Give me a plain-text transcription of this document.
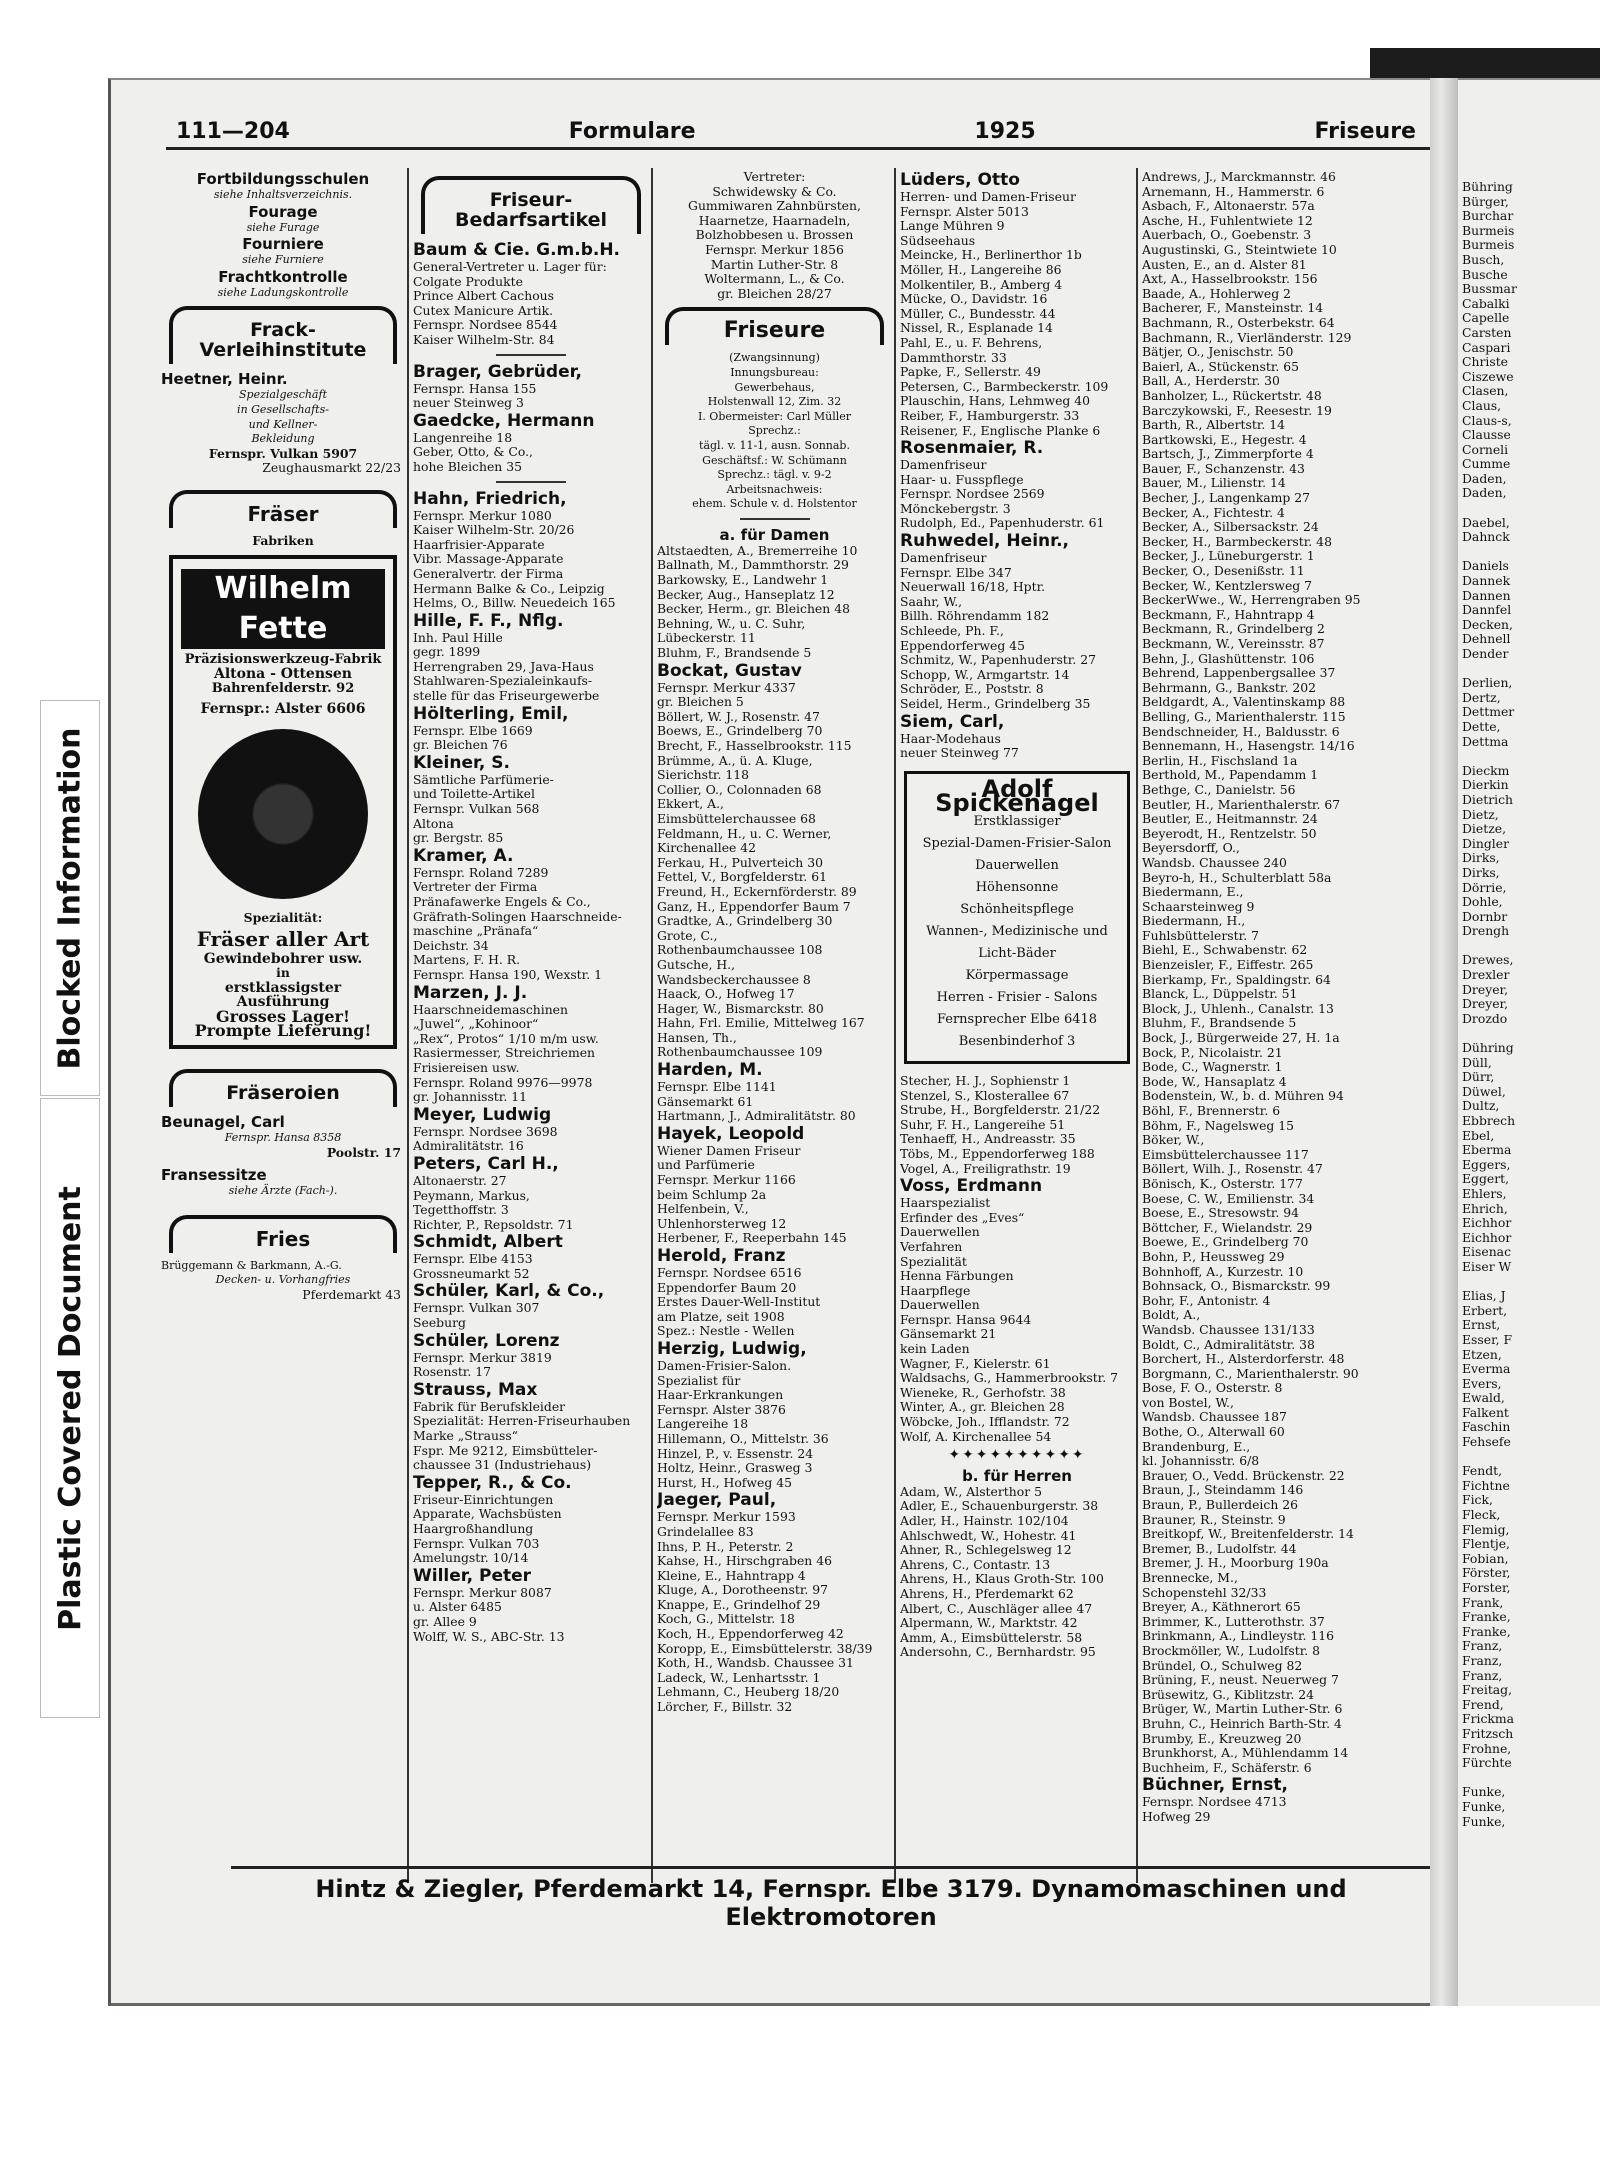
Plastic Covered Document
Blocked Information
111—204	Formulare	1925	Friseure
Fortbildungsschulen
siehe Inhaltsverzeichnis.
Fourage
siehe Furage
Fourniere
siehe Furniere
Frachtkontrolle
siehe Ladungskontrolle
Frack-Verleihinstitute
Heetner, Heinr.
Spezialgeschäft
in Gesellschafts-
und Kellner-
Bekleidung
Fernspr. Vulkan 5907
Zeughausmarkt 22/23
Fräser
Fabriken
Wilhelm Fette
Präzisionswerkzeug-Fabrik
Altona - Ottensen
Bahrenfelderstr. 92
Fernspr.: Alster 6606
Spezialität:
Fräser aller Art
Gewindebohrer usw.
in
erstklassigster
Ausführung
Grosses Lager!
Prompte Lieferung!
Fräseroien
Beunagel, Carl
Fernspr. Hansa 8358
Poolstr. 17
Fransessitze
siehe Ärzte (Fach-).
Fries
Brüggemann & Barkmann, A.-G.
Decken- u. Vorhangfries
Pferdemarkt 43
Friseur-Bedarfsartikel
Baum & Cie. G.m.b.H.
General-Vertreter u. Lager für:
Colgate Produkte
Prince Albert Cachous
Cutex Manicure Artik.
Fernspr. Nordsee 8544
Kaiser Wilhelm-Str. 84
Brager, Gebrüder,
Fernspr. Hansa 155
neuer Steinweg 3
Gaedcke, Hermann
Langenreihe 18
Geber, Otto, & Co.,
hohe Bleichen 35
Hahn, Friedrich,
Fernspr. Merkur 1080
Kaiser Wilhelm-Str. 20/26
Haarfrisier-Apparate
Vibr. Massage-Apparate
Generalvertr. der Firma
Hermann Balke & Co., Leipzig
Helms, O., Billw. Neuedeich 165
Hille, F. F., Nflg.
Inh. Paul Hille
gegr. 1899
Herrengraben 29, Java-Haus
Stahlwaren-Spezialeinkaufs-
stelle für das Friseurgewerbe
Hölterling, Emil,
Fernspr. Elbe 1669
gr. Bleichen 76
Kleiner, S.
Sämtliche Parfümerie-
und Toilette-Artikel
Fernspr. Vulkan 568
Altona
gr. Bergstr. 85
Kramer, A.
Fernspr. Roland 7289
Vertreter der Firma
Pränafawerke Engels & Co.,
Gräfrath-Solingen Haarschneide-
maschine „Pränafa“
Deichstr. 34
Martens, F. H. R.
Fernspr. Hansa 190, Wexstr. 1
Marzen, J. J.
Haarschneidemaschinen
„Juwel“, „Kohinoor“
„Rex“, Protos“ 1/10 m/m usw.
Rasiermesser, Streichriemen
Frisiereisen usw.
Fernspr. Roland 9976—9978
gr. Johannisstr. 11
Meyer, Ludwig
Fernspr. Nordsee 3698
Admiralitätstr. 16
Peters, Carl H.,
Altonaerstr. 27
Peymann, Markus,
Tegetthoffstr. 3
Richter, P., Repsoldstr. 71
Schmidt, Albert
Fernspr. Elbe 4153
Grossneumarkt 52
Schüler, Karl, & Co.,
Fernspr. Vulkan 307
Seeburg
Schüler, Lorenz
Fernspr. Merkur 3819
Rosenstr. 17
Strauss, Max
Fabrik für Berufskleider
Spezialität: Herren-Friseurhauben
Marke „Strauss“
Fspr. Me 9212, Eimsbütteler-
chaussee 31 (Industriehaus)
Tepper, R., & Co.
Friseur-Einrichtungen
Apparate, Wachsbüsten
Haargroßhandlung
Fernspr. Vulkan 703
Amelungstr. 10/14
Willer, Peter
Fernspr. Merkur 8087
u. Alster 6485
gr. Allee 9
Wolff, W. S., ABC-Str. 13
Vertreter:
Schwidewsky & Co.
Gummiwaren Zahnbürsten,
Haarnetze, Haarnadeln,
Bolzhobbesen u. Brossen
Fernspr. Merkur 1856
Martin Luther-Str. 8
Woltermann, L., & Co.
gr. Bleichen 28/27
Friseure
(Zwangsinnung)
Innungsbureau:
Gewerbehaus,
Holstenwall 12, Zim. 32
I. Obermeister: Carl Müller
Sprechz.:
tägl. v. 11-1, ausn. Sonnab.
Geschäftsf.: W. Schümann
Sprechz.: tägl. v. 9-2
Arbeitsnachweis:
ehem. Schule v. d. Holstentor
a. für Damen
Altstaedten, A., Bremerreihe 10
Ballnath, M., Dammthorstr. 29
Barkowsky, E., Landwehr 1
Becker, Aug., Hanseplatz 12
Becker, Herm., gr. Bleichen 48
Behning, W., u. C. Suhr,
Lübeckerstr. 11
Bluhm, F., Brandsende 5
Bockat, Gustav
Fernspr. Merkur 4337
gr. Bleichen 5
Böllert, W. J., Rosenstr. 47
Boews, E., Grindelberg 70
Brecht, F., Hasselbrookstr. 115
Brümme, A., ü. A. Kluge,
Sierichstr. 118
Collier, O., Colonnaden 68
Ekkert, A.,
Eimsbüttelerchaussee 68
Feldmann, H., u. C. Werner,
Kirchenallee 42
Ferkau, H., Pulverteich 30
Fettel, V., Borgfelderstr. 61
Freund, H., Eckernförderstr. 89
Ganz, H., Eppendorfer Baum 7
Gradtke, A., Grindelberg 30
Grote, C.,
Rothenbaumchaussee 108
Gutsche, H.,
Wandsbeckerchaussee 8
Haack, O., Hofweg 17
Hager, W., Bismarckstr. 80
Hahn, Frl. Emilie, Mittelweg 167
Hansen, Th.,
Rothenbaumchaussee 109
Harden, M.
Fernspr. Elbe 1141
Gänsemarkt 61
Hartmann, J., Admiralitätstr. 80
Hayek, Leopold
Wiener Damen Friseur
und Parfümerie
Fernspr. Merkur 1166
beim Schlump 2a
Helfenbein, V.,
Uhlenhorsterweg 12
Herbener, F., Reeperbahn 145
Herold, Franz
Fernspr. Nordsee 6516
Eppendorfer Baum 20
Erstes Dauer-Well-Institut
am Platze, seit 1908
Spez.: Nestle - Wellen
Herzig, Ludwig,
Damen-Frisier-Salon.
Spezialist für
Haar-Erkrankungen
Fernspr. Alster 3876
Langereihe 18
Hillemann, O., Mittelstr. 36
Hinzel, P., v. Essenstr. 24
Holtz, Heinr., Grasweg 3
Hurst, H., Hofweg 45
Jaeger, Paul,
Fernspr. Merkur 1593
Grindelallee 83
Ihns, P. H., Peterstr. 2
Kahse, H., Hirschgraben 46
Kleine, E., Hahntrapp 4
Kluge, A., Dorotheenstr. 97
Knappe, E., Grindelhof 29
Koch, G., Mittelstr. 18
Koch, H., Eppendorferweg 42
Koropp, E., Eimsbüttelerstr. 38/39
Koth, H., Wandsb. Chaussee 31
Ladeck, W., Lenhartsstr. 1
Lehmann, C., Heuberg 18/20
Lörcher, F., Billstr. 32
Lüders, Otto
Herren- und Damen-Friseur
Fernspr. Alster 5013
Lange Mühren 9
Südseehaus
Meincke, H., Berlinerthor 1b
Möller, H., Langereihe 86
Molkentiler, B., Amberg 4
Mücke, O., Davidstr. 16
Müller, C., Bundesstr. 44
Nissel, R., Esplanade 14
Pahl, E., u. F. Behrens,
Dammthorstr. 33
Papke, F., Sellerstr. 49
Petersen, C., Barmbeckerstr. 109
Plauschin, Hans, Lehmweg 40
Reiber, F., Hamburgerstr. 33
Reisener, F., Englische Planke 6
Rosenmaier, R.
Damenfriseur
Haar- u. Fusspflege
Fernspr. Nordsee 2569
Mönckebergstr. 3
Rudolph, Ed., Papenhuderstr. 61
Ruhwedel, Heinr.,
Damenfriseur
Fernspr. Elbe 347
Neuerwall 16/18, Hptr.
Saahr, W.,
Billh. Röhrendamm 182
Schleede, Ph. F.,
Eppendorferweg 45
Schmitz, W., Papenhuderstr. 27
Schopp, W., Armgartstr. 14
Schröder, E., Poststr. 8
Seidel, Herm., Grindelberg 35
Siem, Carl,
Haar-Modehaus
neuer Steinweg 77
Adolf Spickenagel
Erstklassiger
Spezial-Damen-Frisier-Salon
Dauerwellen
Höhensonne
Schönheitspflege
Wannen-, Medizinische und
Licht-Bäder
Körpermassage
Herren - Frisier - Salons
Fernsprecher Elbe 6418
Besenbinderhof 3
Stecher, H. J., Sophienstr 1
Stenzel, S., Klosterallee 67
Strube, H., Borgfelderstr. 21/22
Suhr, F. H., Langereihe 51
Tenhaeff, H., Andreasstr. 35
Töbs, M., Eppendorferweg 188
Vogel, A., Freiligrathstr. 19
Voss, Erdmann
Haarspezialist
Erfinder des „Eves“
Dauerwellen
Verfahren
Spezialität
Henna Färbungen
Haarpflege
Dauerwellen
Fernspr. Hansa 9644
Gänsemarkt 21
kein Laden
Wagner, F., Kielerstr. 61
Waldsachs, G., Hammerbrookstr. 7
Wieneke, R., Gerhofstr. 38
Winter, A., gr. Bleichen 28
Wöbcke, Joh., Ifflandstr. 72
Wolf, A. Kirchenallee 54
✦✦✦✦✦✦✦✦✦✦
b. für Herren
Adam, W., Alsterthor 5
Adler, E., Schauenburgerstr. 38
Adler, H., Hainstr. 102/104
Ahlschwedt, W., Hohestr. 41
Ahner, R., Schlegelsweg 12
Ahrens, C., Contastr. 13
Ahrens, H., Klaus Groth-Str. 100
Ahrens, H., Pferdemarkt 62
Albert, C., Auschläger allee 47
Alpermann, W., Marktstr. 42
Amm, A., Eimsbüttelerstr. 58
Andersohn, C., Bernhardstr. 95
Andrews, J., Marckmannstr. 46
Arnemann, H., Hammerstr. 6
Asbach, F., Altonaerstr. 57a
Asche, H., Fuhlentwiete 12
Auerbach, O., Goebenstr. 3
Augustinski, G., Steintwiete 10
Austen, E., an d. Alster 81
Axt, A., Hasselbrookstr. 156
Baade, A., Hohlerweg 2
Bacherer, F., Mansteinstr. 14
Bachmann, R., Osterbekstr. 64
Bachmann, R., Vierländerstr. 129
Bätjer, O., Jenischstr. 50
Baierl, A., Stückenstr. 65
Ball, A., Herderstr. 30
Banholzer, L., Rückertstr. 48
Barczykowski, F., Reesestr. 19
Barth, R., Albertstr. 14
Bartkowski, E., Hegestr. 4
Bartsch, J., Zimmerpforte 4
Bauer, F., Schanzenstr. 43
Bauer, M., Lilienstr. 14
Becher, J., Langenkamp 27
Becker, A., Fichtestr. 4
Becker, A., Silbersackstr. 24
Becker, H., Barmbeckerstr. 48
Becker, J., Lüneburgerstr. 1
Becker, O., Desenißstr. 11
Becker, W., Kentzlersweg 7
BeckerWwe., W., Herrengraben 95
Beckmann, F., Hahntrapp 4
Beckmann, R., Grindelberg 2
Beckmann, W., Vereinsstr. 87
Behn, J., Glashüttenstr. 106
Behrend, Lappenbergsallee 37
Behrmann, G., Bankstr. 202
Beldgardt, A., Valentinskamp 88
Belling, G., Marienthalerstr. 115
Bendschneider, H., Baldusstr. 6
Bennemann, H., Hasengstr. 14/16
Berlin, H., Fischsland 1a
Berthold, M., Papendamm 1
Bethge, C., Danielstr. 56
Beutler, H., Marienthalerstr. 67
Beutler, E., Heitmannstr. 24
Beyerodt, H., Rentzelstr. 50
Beyersdorff, O.,
Wandsb. Chaussee 240
Beyro-h, H., Schulterblatt 58a
Biedermann, E.,
Schaarsteinweg 9
Biedermann, H.,
Fuhlsbüttelerstr. 7
Biehl, E., Schwabenstr. 62
Bienzeisler, F., Eiffestr. 265
Bierkamp, Fr., Spaldingstr. 64
Blanck, L., Düppelstr. 51
Block, J., Uhlenh., Canalstr. 13
Bluhm, F., Brandsende 5
Bock, J., Bürgerweide 27, H. 1a
Bock, P., Nicolaistr. 21
Bode, C., Wagnerstr. 1
Bode, W., Hansaplatz 4
Bodenstein, W., b. d. Mühren 94
Böhl, F., Brennerstr. 6
Böhm, F., Nagelsweg 15
Böker, W.,
Eimsbüttelerchaussee 117
Böllert, Wilh. J., Rosenstr. 47
Bönisch, K., Osterstr. 177
Boese, C. W., Emilienstr. 34
Boese, E., Stresowstr. 94
Böttcher, F., Wielandstr. 29
Boewe, E., Grindelberg 70
Bohn, P., Heussweg 29
Bohnhoff, A., Kurzestr. 10
Bohnsack, O., Bismarckstr. 99
Bohr, F., Antonistr. 4
Boldt, A.,
Wandsb. Chaussee 131/133
Boldt, C., Admiralitätstr. 38
Borchert, H., Alsterdorferstr. 48
Borgmann, C., Marienthalerstr. 90
Bose, F. O., Osterstr. 8
von Bostel, W.,
Wandsb. Chaussee 187
Bothe, O., Alterwall 60
Brandenburg, E.,
kl. Johannisstr. 6/8
Brauer, O., Vedd. Brückenstr. 22
Braun, J., Steindamm 146
Braun, P., Bullerdeich 26
Brauner, R., Steinstr. 9
Breitkopf, W., Breitenfelderstr. 14
Bremer, B., Ludolfstr. 44
Bremer, J. H., Moorburg 190a
Brennecke, M.,
Schopenstehl 32/33
Breyer, A., Käthnerort 65
Brimmer, K., Lutterothstr. 37
Brinkmann, A., Lindleystr. 116
Brockmöller, W., Ludolfstr. 8
Bründel, O., Schulweg 82
Brüning, F., neust. Neuerweg 7
Brüsewitz, G., Kiblitzstr. 24
Brüger, W., Martin Luther-Str. 6
Bruhn, C., Heinrich Barth-Str. 4
Brumby, E., Kreuzweg 20
Brunkhorst, A., Mühlendamm 14
Buchheim, F., Schäferstr. 6
Büchner, Ernst,
Fernspr. Nordsee 4713
Hofweg 29
Hintz & Ziegler, Pferdemarkt 14, Fernspr. Elbe 3179. Dynamomaschinen und Elektromotoren
Bühring
Bürger,
Burchar
Burmeis
Burmeis
Busch,
Busche
Bussmar
Cabalki
Capelle
Carsten
Caspari
Christe
Ciszewe
Clasen,
Claus,
Claus-s,
Clausse
Corneli
Cumme
Daden,
Daden,

Daebel,
Dahnck

Daniels
Dannek
Dannen
Dannfel
Decken,
Dehnell
Dender

Derlien,
Dertz,
Dettmer
Dette,
Dettma

Dieckm
Dierkin
Dietrich
Dietz,
Dietze,
Dingler
Dirks,
Dirks,
Dörrie,
Dohle,
Dornbr
Drengh

Drewes,
Drexler
Dreyer,
Dreyer,
Drozdo

Dühring
Düll,
Dürr,
Düwel,
Dultz,
Ebbrech
Ebel,
Eberma
Eggers,
Eggert,
Ehlers,
Ehrich,
Eichhor
Eichhor
Eisenac
Eiser W

Elias, J
Erbert,
Ernst,
Esser, F
Etzen,
Everma
Evers,
Ewald,
Falkent
Faschin
Fehsefe

Fendt,
Fichtne
Fick,
Fleck,
Flemig,
Flentje,
Fobian,
Förster,
Forster,
Frank,
Franke,
Franke,
Franz,
Franz,
Franz,
Freitag,
Frend,
Frickma
Fritzsch
Frohne,
Fürchte

Funke,
Funke,
Funke,
